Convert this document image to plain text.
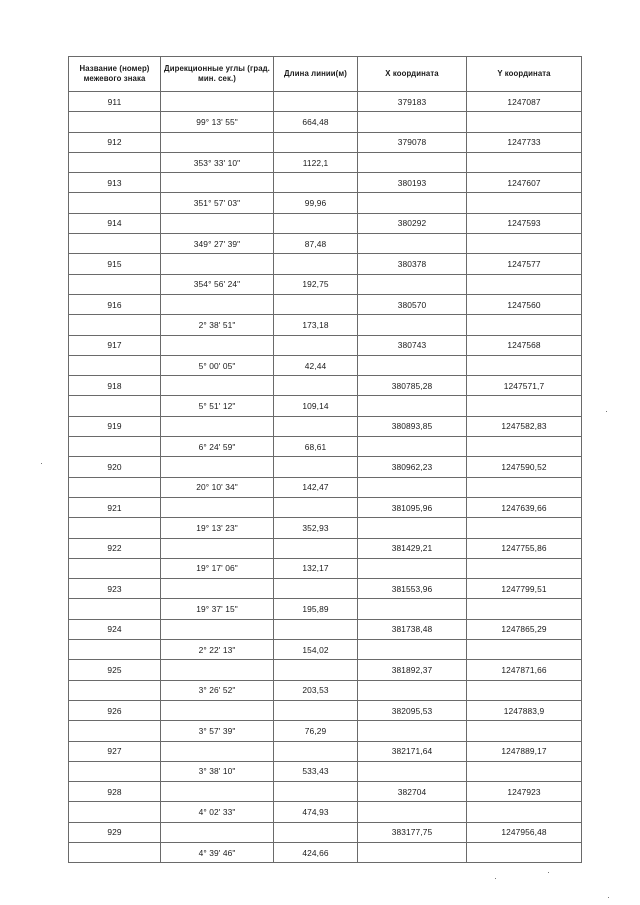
Название (номер) межевого знака	Дирекционные углы (град. мин. сек.)	Длина линии(м)	X координата	Y координата
911			379183	1247087
	99° 13' 55"	664,48		
912			379078	1247733
	353° 33' 10"	1122,1		
913			380193	1247607
	351° 57' 03"	99,96		
914			380292	1247593
	349° 27' 39"	87,48		
915			380378	1247577
	354° 56' 24"	192,75		
916			380570	1247560
	2° 38' 51"	173,18		
917			380743	1247568
	5° 00' 05"	42,44		
918			380785,28	1247571,7
	5° 51' 12"	109,14		
919			380893,85	1247582,83
	6° 24' 59"	68,61		
920			380962,23	1247590,52
	20° 10' 34"	142,47		
921			381095,96	1247639,66
	19° 13' 23"	352,93		
922			381429,21	1247755,86
	19° 17' 06"	132,17		
923			381553,96	1247799,51
	19° 37' 15"	195,89		
924			381738,48	1247865,29
	2° 22' 13"	154,02		
925			381892,37	1247871,66
	3° 26' 52"	203,53		
926			382095,53	1247883,9
	3° 57' 39"	76,29		
927			382171,64	1247889,17
	3° 38' 10"	533,43		
928			382704	1247923
	4° 02' 33"	474,93		
929			383177,75	1247956,48
	4° 39' 46"	424,66		
